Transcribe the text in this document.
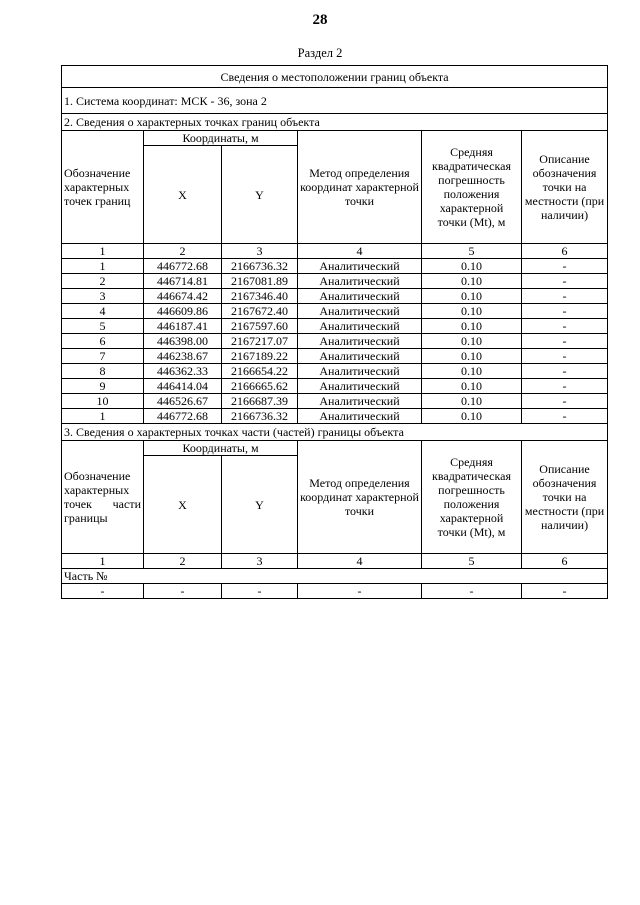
28
Раздел 2
Сведения о местоположении границ объекта					
1. Система координат: МСК - 36, зона 2					
2. Сведения о характерных точках границ объекта					
Обозначение характерных точек границ	Координаты, м		Метод определения координат характерной точки	Средняя квадратическая погрешность положения характерной точки (Mt), м	Описание обозначения точки на местности (при наличии)
	X	Y			
1	2	3	4	5	6
1	446772.68	2166736.32	Аналитический	0.10	-
2	446714.81	2167081.89	Аналитический	0.10	-
3	446674.42	2167346.40	Аналитический	0.10	-
4	446609.86	2167672.40	Аналитический	0.10	-
5	446187.41	2167597.60	Аналитический	0.10	-
6	446398.00	2167217.07	Аналитический	0.10	-
7	446238.67	2167189.22	Аналитический	0.10	-
8	446362.33	2166654.22	Аналитический	0.10	-
9	446414.04	2166665.62	Аналитический	0.10	-
10	446526.67	2166687.39	Аналитический	0.10	-
1	446772.68	2166736.32	Аналитический	0.10	-
3. Сведения о характерных точках части (частей) границы объекта					
Обозначение характерных точек части границы	Координаты, м		Метод определения координат характерной точки	Средняя квадратическая погрешность положения характерной точки (Mt), м	Описание обозначения точки на местности (при наличии)
	X	Y			
1	2	3	4	5	6
Часть №					
-	-	-	-	-	-
